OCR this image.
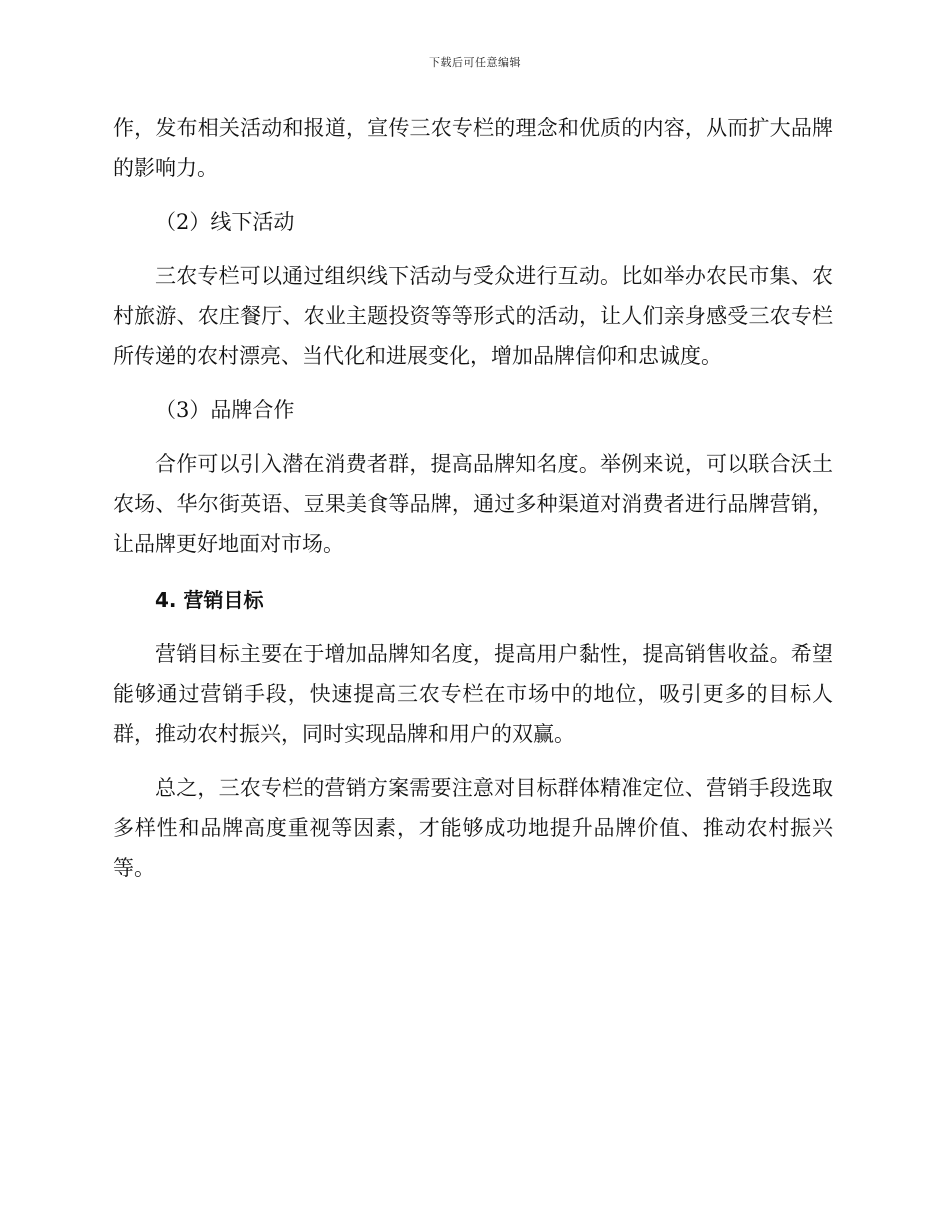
下载后可任意编辑

作，发布相关活动和报道，宣传三农专栏的理念和优质的内容，从而扩大品牌的影响力。

（2）线下活动

三农专栏可以通过组织线下活动与受众进行互动。比如举办农民市集、农村旅游、农庄餐厅、农业主题投资等等形式的活动，让人们亲身感受三农专栏所传递的农村漂亮、当代化和进展变化，增加品牌信仰和忠诚度。

（3）品牌合作

合作可以引入潜在消费者群，提高品牌知名度。举例来说，可以联合沃土农场、华尔街英语、豆果美食等品牌，通过多种渠道对消费者进行品牌营销，让品牌更好地面对市场。

4. 营销目标

营销目标主要在于增加品牌知名度，提高用户黏性，提高销售收益。希望能够通过营销手段，快速提高三农专栏在市场中的地位，吸引更多的目标人群，推动农村振兴，同时实现品牌和用户的双赢。

总之，三农专栏的营销方案需要注意对目标群体精准定位、营销手段选取多样性和品牌高度重视等因素，才能够成功地提升品牌价值、推动农村振兴等。
